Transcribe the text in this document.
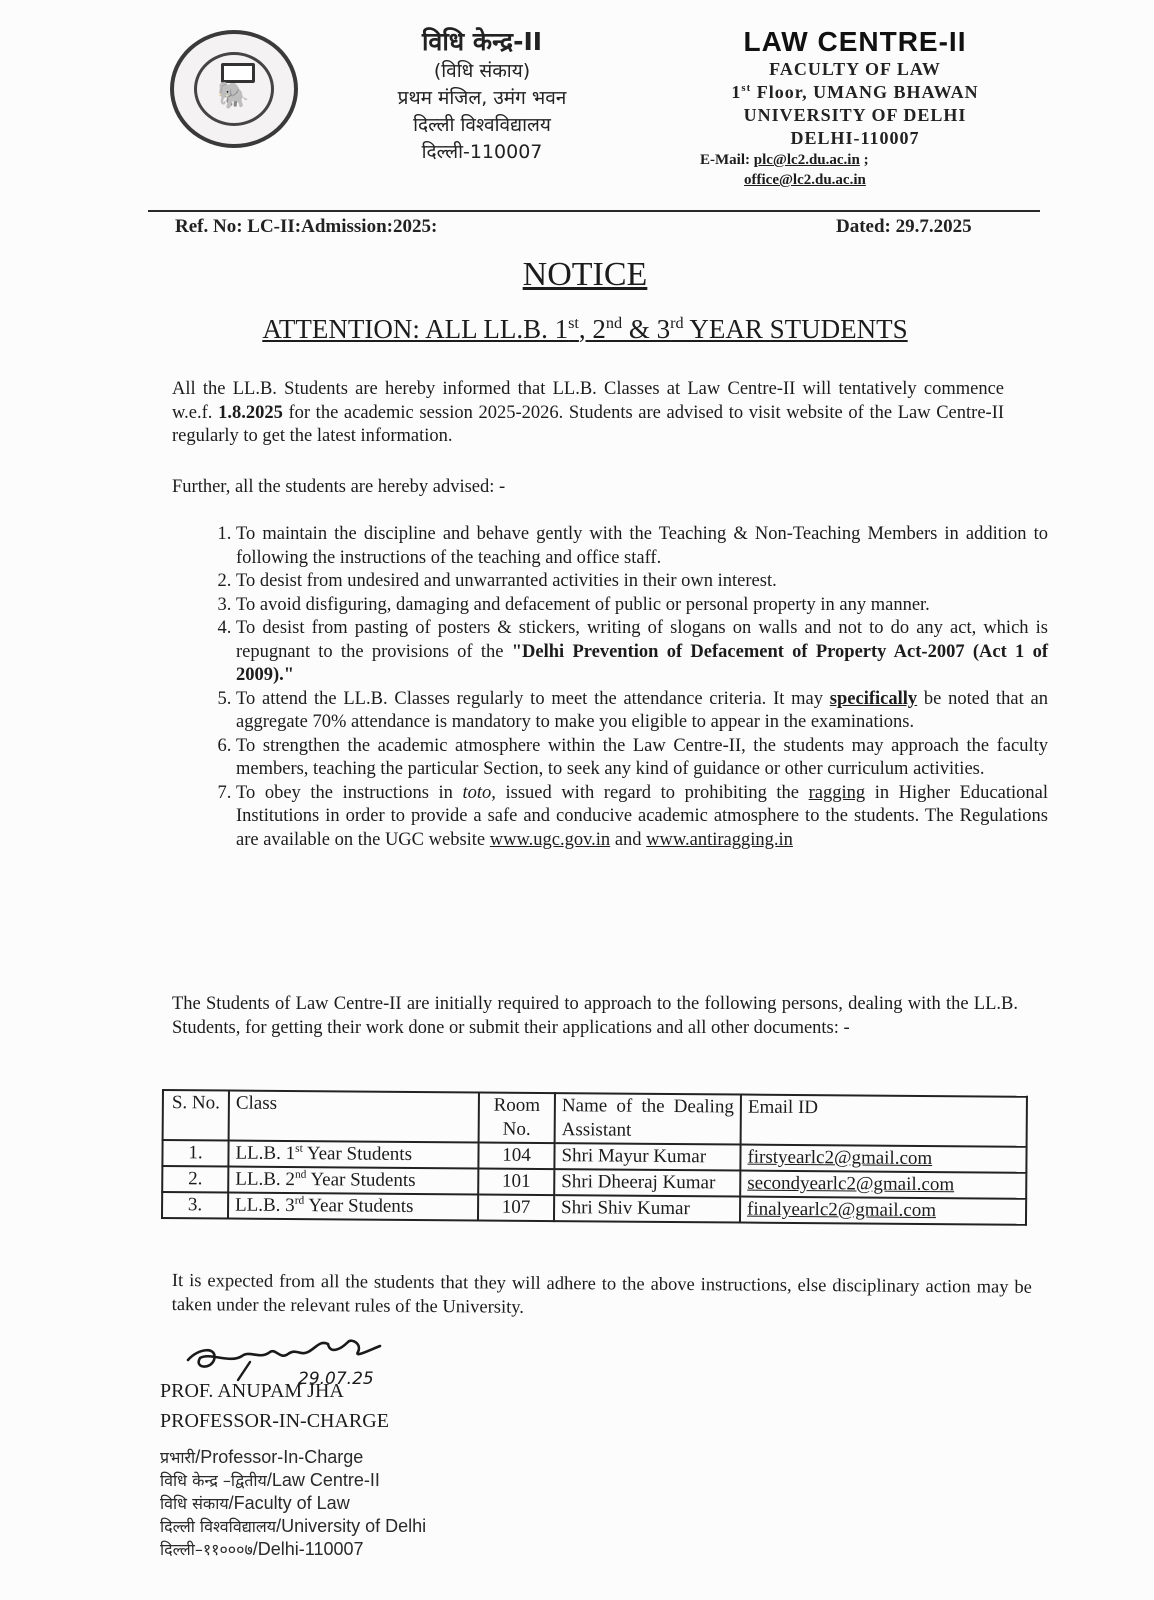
🐘
विधि केन्द्र-II
(विधि संकाय)
प्रथम मंजिल, उमंग भवन
दिल्ली विश्वविद्यालय
दिल्ली-110007
LAW CENTRE-II
FACULTY OF LAW
1st Floor, UMANG BHAWAN
UNIVERSITY OF DELHI
DELHI-110007
E-Mail: plc@lc2.du.ac.in ;
office@lc2.du.ac.in
Ref. No: LC-II:Admission:2025:	Dated: 29.7.2025
NOTICE
ATTENTION: ALL LL.B. 1st, 2nd & 3rd YEAR STUDENTS
All the LL.B. Students are hereby informed that LL.B. Classes at Law Centre-II will tentatively commence w.e.f. 1.8.2025 for the academic session 2025-2026. Students are advised to visit website of the Law Centre-II regularly to get the latest information.
Further, all the students are hereby advised: -
1. To maintain the discipline and behave gently with the Teaching & Non-Teaching Members in addition to following the instructions of the teaching and office staff.
2. To desist from undesired and unwarranted activities in their own interest.
3. To avoid disfiguring, damaging and defacement of public or personal property in any manner.
4. To desist from pasting of posters & stickers, writing of slogans on walls and not to do any act, which is repugnant to the provisions of the "Delhi Prevention of Defacement of Property Act-2007 (Act 1 of 2009)."
5. To attend the LL.B. Classes regularly to meet the attendance criteria. It may specifically be noted that an aggregate 70% attendance is mandatory to make you eligible to appear in the examinations.
6. To strengthen the academic atmosphere within the Law Centre-II, the students may approach the faculty members, teaching the particular Section, to seek any kind of guidance or other curriculum activities.
7. To obey the instructions in toto, issued with regard to prohibiting the ragging in Higher Educational Institutions in order to provide a safe and conducive academic atmosphere to the students. The Regulations are available on the UGC website www.ugc.gov.in and www.antiragging.in
The Students of Law Centre-II are initially required to approach to the following persons, dealing with the LL.B. Students, for getting their work done or submit their applications and all other documents: -
S. No.	Class	Room No.	Name of the Dealing Assistant	Email ID
1.	LL.B. 1st Year Students	104	Shri Mayur Kumar	firstyearlc2@gmail.com
2.	LL.B. 2nd Year Students	101	Shri Dheeraj Kumar	secondyearlc2@gmail.com
3.	LL.B. 3rd Year Students	107	Shri Shiv Kumar	finalyearlc2@gmail.com
It is expected from all the students that they will adhere to the above instructions, else disciplinary action may be taken under the relevant rules of the University.
29.07.25
PROF. ANUPAM JHA
PROFESSOR-IN-CHARGE
प्रभारी/Professor-In-Charge
विधि केन्द्र –द्वितीय/Law Centre-II
विधि संकाय/Faculty of Law
दिल्ली विश्वविद्यालय/University of Delhi
दिल्ली–११०००७/Delhi-110007
